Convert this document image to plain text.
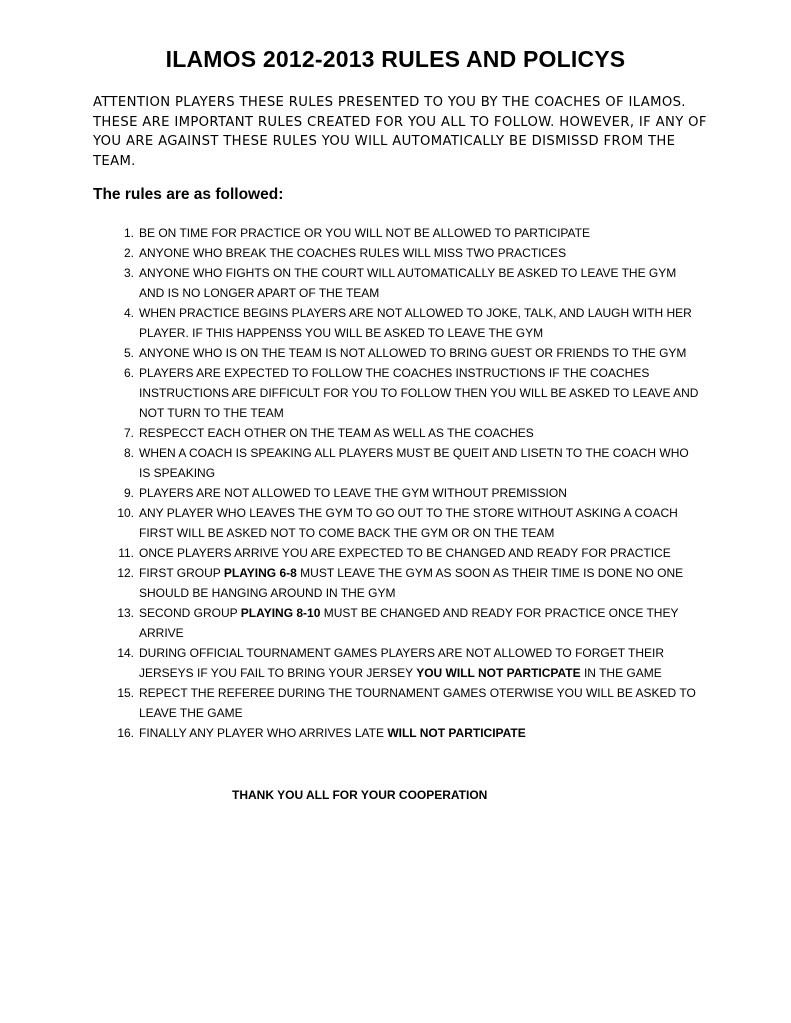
ILAMOS 2012-2013 RULES AND POLICYS

ATTENTION PLAYERS THESE RULES PRESENTED TO YOU BY THE COACHES OF ILAMOS. THESE ARE IMPORTANT RULES CREATED FOR YOU ALL TO FOLLOW. HOWEVER, IF ANY OF YOU ARE AGAINST THESE RULES YOU WILL AUTOMATICALLY BE DISMISSD FROM THE TEAM.

The rules are as followed:
1. BE ON TIME FOR PRACTICE OR YOU WILL NOT BE ALLOWED TO PARTICIPATE
2. ANYONE WHO BREAK THE COACHES RULES WILL MISS TWO PRACTICES
3. ANYONE WHO FIGHTS ON THE COURT WILL AUTOMATICALLY BE ASKED TO LEAVE THE GYM AND IS NO LONGER APART OF THE TEAM
4. WHEN PRACTICE BEGINS PLAYERS ARE NOT ALLOWED TO JOKE, TALK, AND LAUGH WITH HER PLAYER. IF THIS HAPPENSS YOU WILL BE ASKED TO LEAVE THE GYM
5. ANYONE WHO IS ON THE TEAM IS NOT ALLOWED TO BRING GUEST OR FRIENDS TO THE GYM
6. PLAYERS ARE EXPECTED TO FOLLOW THE COACHES INSTRUCTIONS IF THE COACHES INSTRUCTIONS ARE DIFFICULT FOR YOU TO FOLLOW THEN YOU WILL BE ASKED TO LEAVE AND NOT TURN TO THE TEAM
7. RESPECCT EACH OTHER ON THE TEAM AS WELL AS THE COACHES
8. WHEN A COACH IS SPEAKING ALL PLAYERS MUST BE QUEIT AND LISETN TO THE COACH WHO IS SPEAKING
9. PLAYERS ARE NOT ALLOWED TO LEAVE THE GYM WITHOUT PREMISSION
10. ANY PLAYER WHO LEAVES THE GYM TO GO OUT TO THE STORE WITHOUT ASKING A COACH FIRST WILL BE ASKED NOT TO COME BACK THE GYM OR ON THE TEAM
11. ONCE PLAYERS ARRIVE YOU ARE EXPECTED TO BE CHANGED AND READY FOR PRACTICE
12. FIRST GROUP PLAYING 6-8 MUST LEAVE THE GYM AS SOON AS THEIR TIME IS DONE NO ONE SHOULD BE HANGING AROUND IN THE GYM
13. SECOND GROUP PLAYING 8-10 MUST BE CHANGED AND READY FOR PRACTICE ONCE THEY ARRIVE
14. DURING OFFICIAL TOURNAMENT GAMES PLAYERS ARE NOT ALLOWED TO FORGET THEIR JERSEYS IF YOU FAIL TO BRING YOUR JERSEY YOU WILL NOT PARTICPATE IN THE GAME
15. REPECT THE REFEREE DURING THE TOURNAMENT GAMES OTERWISE YOU WILL BE ASKED TO LEAVE THE GAME
16. FINALLY ANY PLAYER WHO ARRIVES LATE WILL NOT PARTICIPATE
THANK YOU ALL FOR YOUR COOPERATION
